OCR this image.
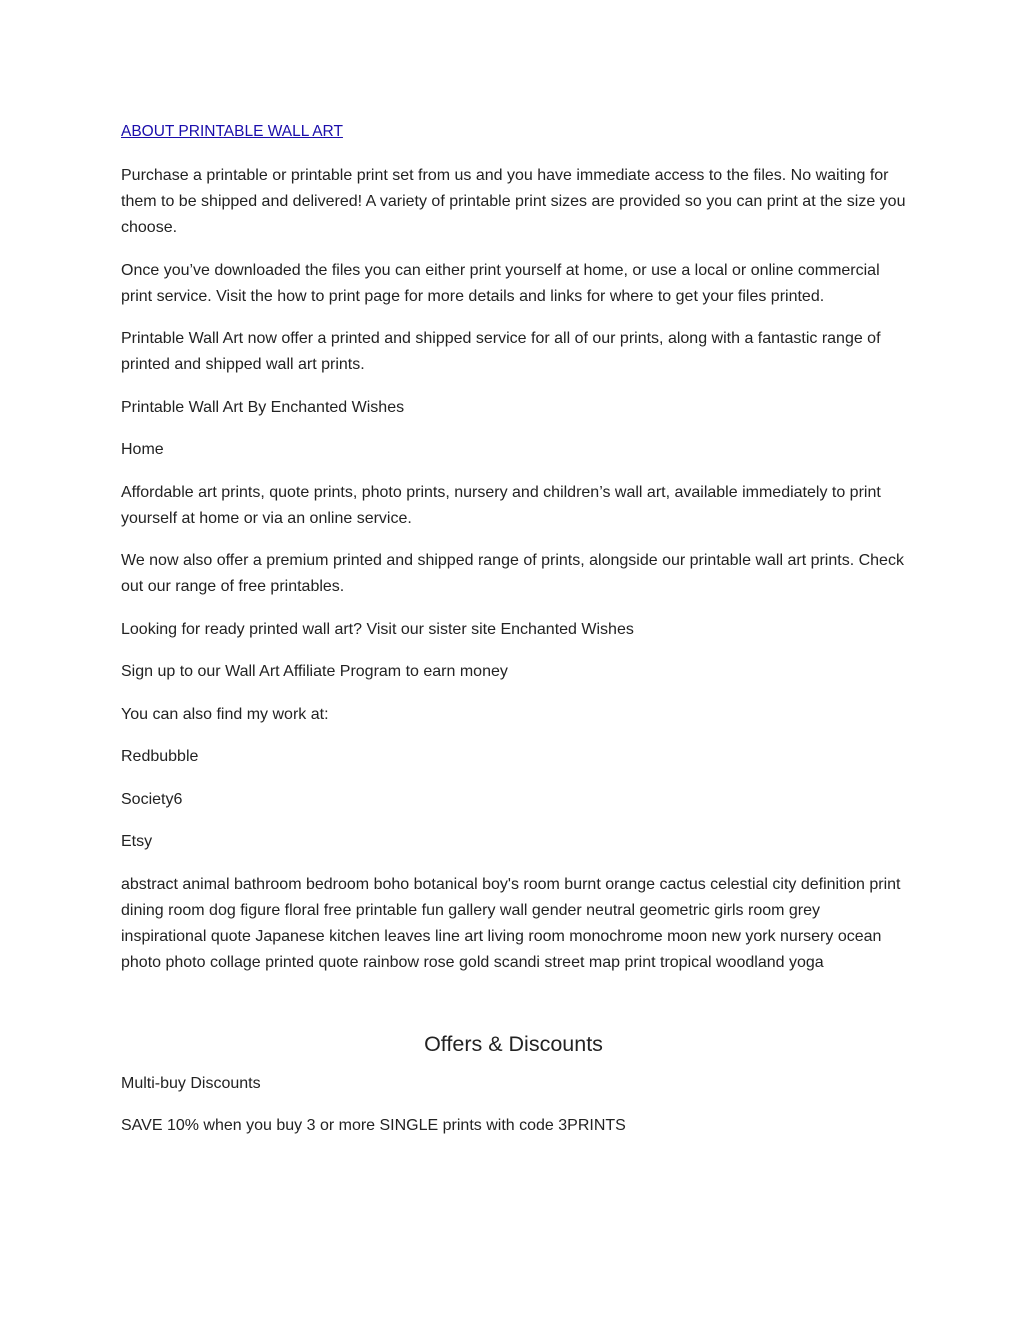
ABOUT PRINTABLE WALL ART

Purchase a printable or printable print set from us and you have immediate access to the files. No waiting for them to be shipped and delivered! A variety of printable print sizes are provided so you can print at the size you choose.

Once you’ve downloaded the files you can either print yourself at home, or use a local or online commercial print service. Visit the how to print page for more details and links for where to get your files printed.

Printable Wall Art now offer a printed and shipped service for all of our prints, along with a fantastic range of printed and shipped wall art prints.

Printable Wall Art By Enchanted Wishes

Home

Affordable art prints, quote prints, photo prints, nursery and children’s wall art, available immediately to print yourself at home or via an online service.

We now also offer a premium printed and shipped range of prints, alongside our printable wall art prints. Check out our range of free printables.

Looking for ready printed wall art? Visit our sister site Enchanted Wishes

Sign up to our Wall Art Affiliate Program to earn money

You can also find my work at:

Redbubble

Society6

Etsy

abstract animal bathroom bedroom boho botanical boy's room burnt orange cactus celestial city definition print dining room dog figure floral free printable fun gallery wall gender neutral geometric girls room grey inspirational quote Japanese kitchen leaves line art living room monochrome moon new york nursery ocean photo photo collage printed quote rainbow rose gold scandi street map print tropical woodland yoga

Offers & Discounts

Multi-buy Discounts

SAVE 10% when you buy 3 or more SINGLE prints with code 3PRINTS
